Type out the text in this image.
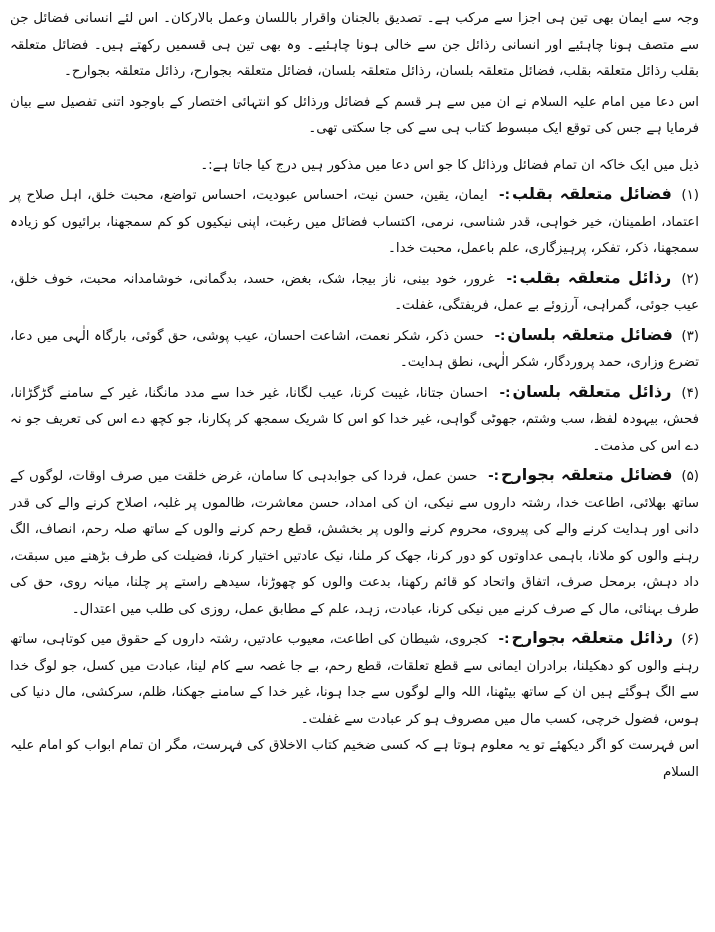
وجہ سے ایمان بھی تین ہی اجزا سے مرکب ہے۔ تصدیق بالجنان واقرار باللسان وعمل بالارکان۔ اس لئے انسانی فضائل جن سے متصف ہونا چاہئیے اور انسانی رذائل جن سے خالی ہونا چاہئیے۔ وہ بھی تین ہی قسمیں رکھتے ہیں۔ فضائل متعلقہ بقلب رذائل متعلقہ بقلب، فضائل متعلقہ بلسان، رذائل متعلقہ بلسان، فضائل متعلقہ بجوارح، رذائل متعلقہ بجوارح۔

اس دعا میں امام علیہ السلام نے ان میں سے ہر قسم کے فضائل ورذائل کو انتہائی اختصار کے باوجود اتنی تفصیل سے بیان فرمایا ہے جس کی توقع ایک مبسوط کتاب ہی سے کی جا سکتی تھی۔

ذیل میں ایک خاکہ ان تمام فضائل ورذائل کا جو اس دعا میں مذکور ہیں درج کیا جاتا ہے:۔

(۱) فضائل متعلقہ بقلب:- ایمان، یقین، حسن نیت، احساس عبودیت، احساس تواضع، محبت خلق، اہل صلاح پر اعتماد، اطمینان، خیر خواہی، قدر شناسی، نرمی، اکتساب فضائل میں رغبت، اپنی نیکیوں کو کم سمجھنا، برائیوں کو زیادہ سمجھنا، ذکر، تفکر، پرہیزگاری، علم باعمل، محبت خدا۔

(۲) رذائل متعلقہ بقلب:- غرور، خود بینی، ناز بیجا، شک، بغض، حسد، بدگمانی، خوشامدانہ محبت، خوف خلق، عیب جوئی، گمراہی، آرزوئے بے عمل، فریفتگی، غفلت۔

(۳) فضائل متعلقہ بلسان:- حسن ذکر، شکر نعمت، اشاعت احسان، عیب پوشی، حق گوئی، بارگاہ الٰہی میں دعا، تضرع وزاری، حمد پروردگار، شکر الٰہی، نطق ہدایت۔

(۴) رذائل متعلقہ بلسان:- احسان جتانا، غیبت کرنا، عیب لگانا، غیر خدا سے مدد مانگنا، غیر کے سامنے گڑگڑانا، فحش، بیہودہ لفظ، سب وشتم، جھوٹی گواہی، غیر خدا کو اس کا شریک سمجھ کر پکارنا، جو کچھ دے اس کی تعریف جو نہ دے اس کی مذمت۔

(۵) فضائل متعلقہ بجوارح:- حسن عمل، فردا کی جوابدہی کا سامان، غرض خلقت میں صرف اوقات، لوگوں کے ساتھ بھلائی، اطاعت خدا، رشتہ داروں سے نیکی، ان کی امداد، حسن معاشرت، ظالموں پر غلبہ، اصلاح کرنے والے کی قدر دانی اور ہدایت کرنے والے کی پیروی، محروم کرنے والوں پر بخشش، قطع رحم کرنے والوں کے ساتھ صلہ رحم، انصاف، الگ رہنے والوں کو ملانا، باہمی عداوتوں کو دور کرنا، جھک کر ملنا، نیک عادتیں اختیار کرنا، فضیلت کی طرف بڑھنے میں سبقت، داد دہش، برمحل صرف، اتفاق واتحاد کو قائم رکھنا، بدعت والوں کو چھوڑنا، سیدھے راستے پر چلنا، میانہ روی، حق کی طرف بہنائی، مال کے صرف کرنے میں نیکی کرنا، عبادت، زہد، علم کے مطابق عمل، روزی کی طلب میں اعتدال۔

(۶) رذائل متعلقہ بجوارح:- کجروی، شیطان کی اطاعت، معیوب عادتیں، رشتہ داروں کے حقوق میں کوتاہی، ساتھ رہنے والوں کو دھکیلنا، برادران ایمانی سے قطع تعلقات، قطع رحم، بے جا غصہ سے کام لینا، عبادت میں کسل، جو لوگ خدا سے الگ ہوگئے ہیں ان کے ساتھ بیٹھنا، اللہ والے لوگوں سے جدا ہونا، غیر خدا کے سامنے جھکنا، ظلم، سرکشی، مال دنیا کی ہوس، فضول خرچی، کسب مال میں مصروف ہو کر عبادت سے غفلت۔

اس فہرست کو اگر دیکھئے تو یہ معلوم ہوتا ہے کہ کسی ضخیم کتاب الاخلاق کی فہرست، مگر ان تمام ابواب کو امام علیہ السلام
